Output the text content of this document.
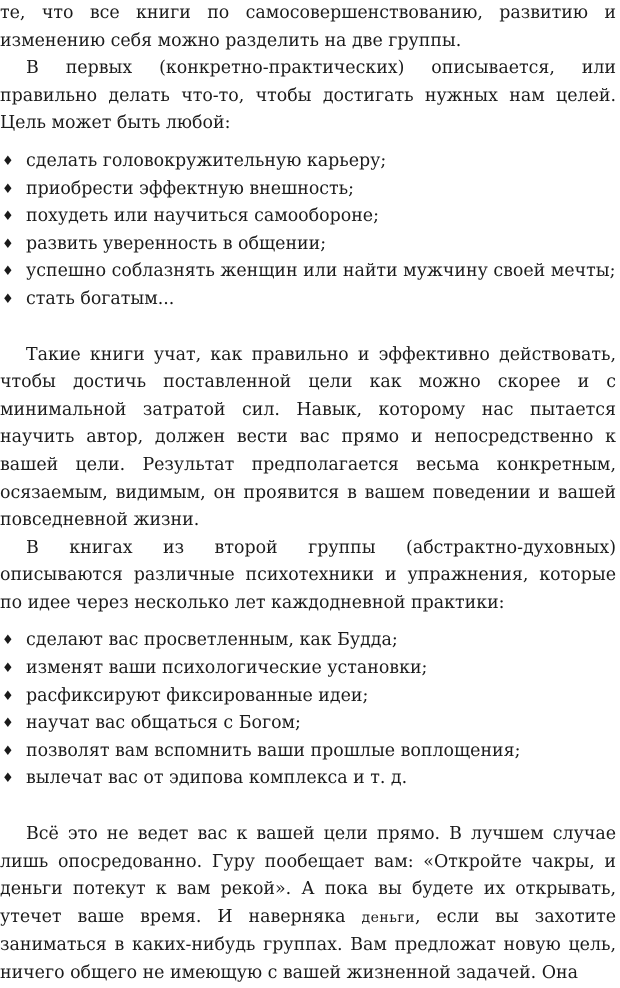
те, что все книги по самосовершенствованию, развитию и изменению себя можно разделить на две группы.

В первых (конкретно-практических) описывается, или правильно делать что-то, чтобы достигать нужных нам целей. Цель может быть любой:

♦ сделать головокружительную карьеру;
♦ приобрести эффектную внешность;
♦ похудеть или научиться самообороне;
♦ развить уверенность в общении;
♦ успешно соблазнять женщин или найти мужчину своей мечты;
♦ стать богатым...

Такие книги учат, как правильно и эффективно действовать, чтобы достичь поставленной цели как можно скорее и с минимальной затратой сил. Навык, которому нас пытается научить автор, должен вести вас прямо и непосредственно к вашей цели. Результат предполагается весьма конкретным, осязаемым, видимым, он проявится в вашем поведении и вашей повседневной жизни.

В книгах из второй группы (абстрактно-духовных) описываются различные психотехники и упражнения, которые по идее через несколько лет каждодневной практики:

♦ сделают вас просветленным, как Будда;
♦ изменят ваши психологические установки;
♦ расфиксируют фиксированные идеи;
♦ научат вас общаться с Богом;
♦ позволят вам вспомнить ваши прошлые воплощения;
♦ вылечат вас от эдипова комплекса и т. д.

Всё это не ведет вас к вашей цели прямо. В лучшем случае лишь опосредованно. Гуру пообещает вам: «Откройте чакры, и деньги потекут к вам рекой». А пока вы будете их открывать, утечет ваше время. И наверняка деньги, если вы захотите заниматься в каких-нибудь группах. Вам предложат новую цель, ничего общего не имеющую с вашей жизненной задачей. Она
